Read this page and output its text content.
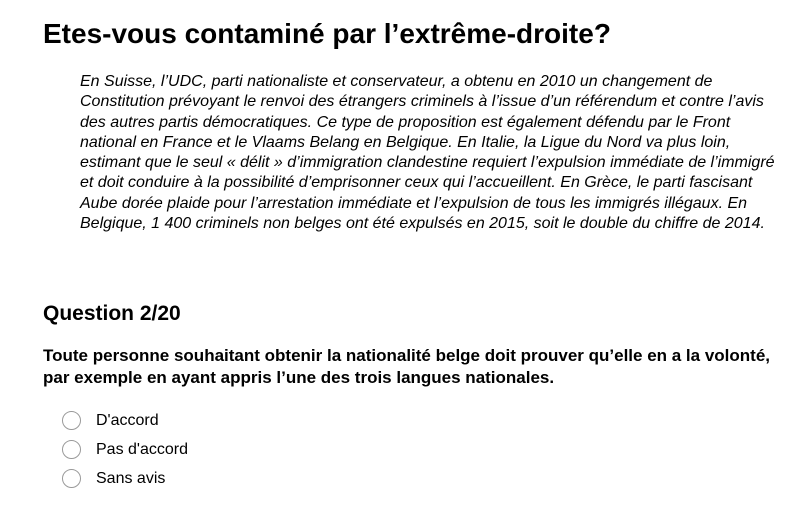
Etes-vous contaminé par l’extrême-droite?

En Suisse, l’UDC, parti nationaliste et conservateur, a obtenu en 2010 un changement de Constitution prévoyant le renvoi des étrangers criminels à l’issue d’un référendum et contre l’avis des autres partis démocratiques. Ce type de proposition est également défendu par le Front national en France et le Vlaams Belang en Belgique. En Italie, la Ligue du Nord va plus loin, estimant que le seul « délit » d’immigration clandestine requiert l’expulsion immédiate de l’immigré et doit conduire à la possibilité d’emprisonner ceux qui l’accueillent. En Grèce, le parti fascisant Aube dorée plaide pour l’arrestation immédiate et l’expulsion de tous les immigrés illégaux. En Belgique, 1 400 criminels non belges ont été expulsés en 2015, soit le double du chiffre de 2014.

Question 2/20

Toute personne souhaitant obtenir la nationalité belge doit prouver qu’elle en a la volonté, par exemple en ayant appris l’une des trois langues nationales.

D'accord
Pas d'accord
Sans avis
